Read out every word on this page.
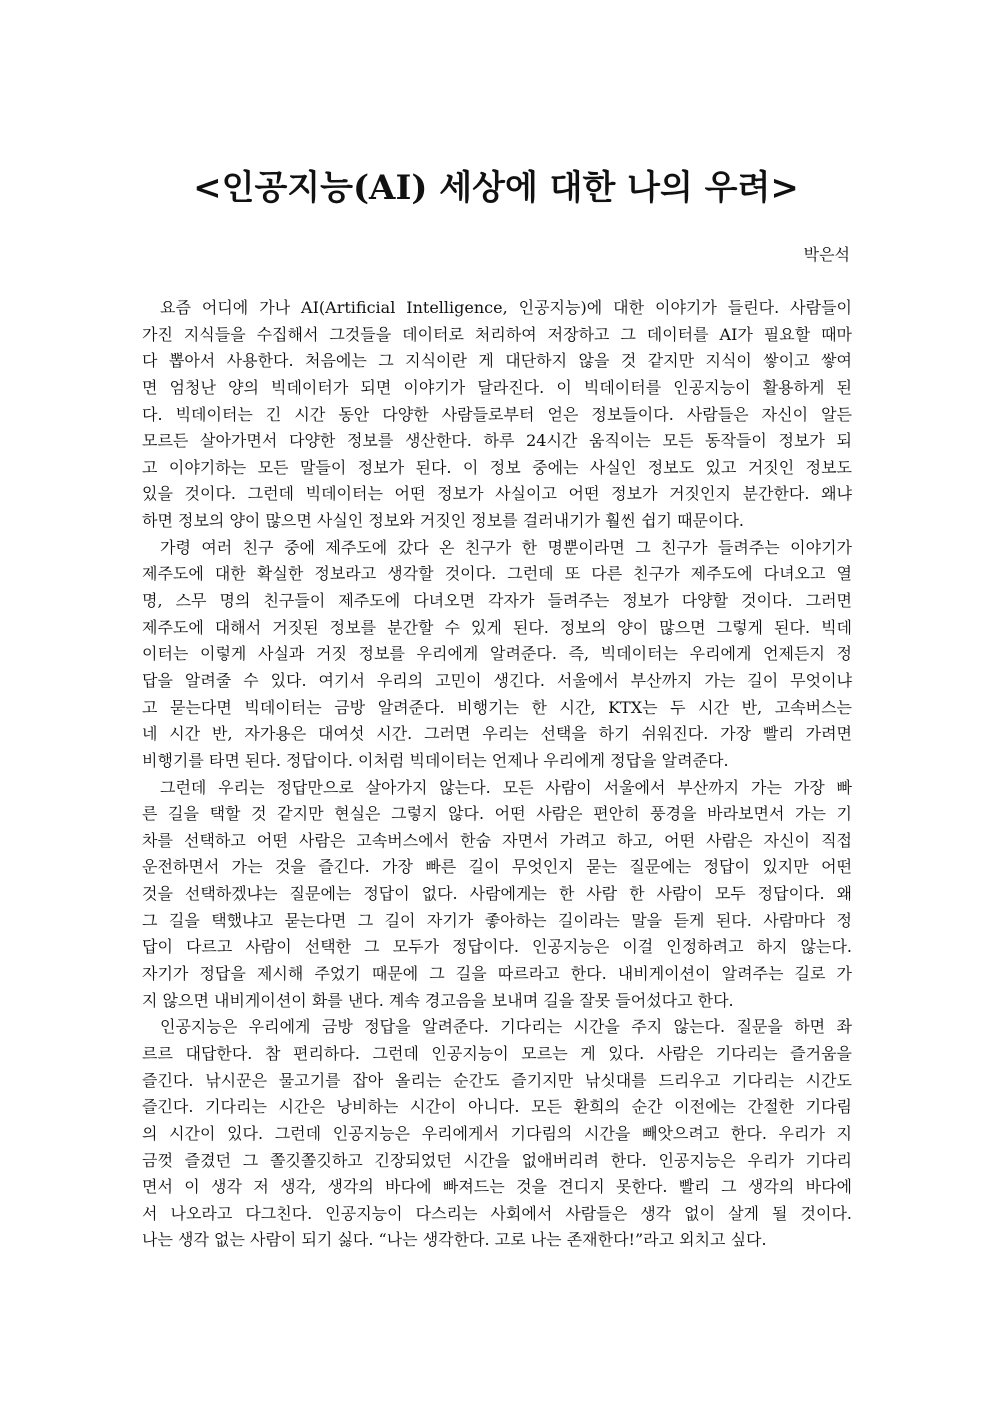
<인공지능(AI) 세상에 대한 나의 우려>
박은석
요즘 어디에 가나 AI(Artificial Intelligence, 인공지능)에 대한 이야기가 들린다. 사람들이
가진 지식들을 수집해서 그것들을 데이터로 처리하여 저장하고 그 데이터를 AI가 필요할 때마
다 뽑아서 사용한다. 처음에는 그 지식이란 게 대단하지 않을 것 같지만 지식이 쌓이고 쌓여
면 엄청난 양의 빅데이터가 되면 이야기가 달라진다. 이 빅데이터를 인공지능이 활용하게 된
다. 빅데이터는 긴 시간 동안 다양한 사람들로부터 얻은 정보들이다. 사람들은 자신이 알든
모르든 살아가면서 다양한 정보를 생산한다. 하루 24시간 움직이는 모든 동작들이 정보가 되
고 이야기하는 모든 말들이 정보가 된다. 이 정보 중에는 사실인 정보도 있고 거짓인 정보도
있을 것이다. 그런데 빅데이터는 어떤 정보가 사실이고 어떤 정보가 거짓인지 분간한다. 왜냐
하면 정보의 양이 많으면 사실인 정보와 거짓인 정보를 걸러내기가 훨씬 쉽기 때문이다.
가령 여러 친구 중에 제주도에 갔다 온 친구가 한 명뿐이라면 그 친구가 들려주는 이야기가
제주도에 대한 확실한 정보라고 생각할 것이다. 그런데 또 다른 친구가 제주도에 다녀오고 열
명, 스무 명의 친구들이 제주도에 다녀오면 각자가 들려주는 정보가 다양할 것이다. 그러면
제주도에 대해서 거짓된 정보를 분간할 수 있게 된다. 정보의 양이 많으면 그렇게 된다. 빅데
이터는 이렇게 사실과 거짓 정보를 우리에게 알려준다. 즉, 빅데이터는 우리에게 언제든지 정
답을 알려줄 수 있다. 여기서 우리의 고민이 생긴다. 서울에서 부산까지 가는 길이 무엇이냐
고 묻는다면 빅데이터는 금방 알려준다. 비행기는 한 시간, KTX는 두 시간 반, 고속버스는
네 시간 반, 자가용은 대여섯 시간. 그러면 우리는 선택을 하기 쉬워진다. 가장 빨리 가려면
비행기를 타면 된다. 정답이다. 이처럼 빅데이터는 언제나 우리에게 정답을 알려준다.
그런데 우리는 정답만으로 살아가지 않는다. 모든 사람이 서울에서 부산까지 가는 가장 빠
른 길을 택할 것 같지만 현실은 그렇지 않다. 어떤 사람은 편안히 풍경을 바라보면서 가는 기
차를 선택하고 어떤 사람은 고속버스에서 한숨 자면서 가려고 하고, 어떤 사람은 자신이 직접
운전하면서 가는 것을 즐긴다. 가장 빠른 길이 무엇인지 묻는 질문에는 정답이 있지만 어떤
것을 선택하겠냐는 질문에는 정답이 없다. 사람에게는 한 사람 한 사람이 모두 정답이다. 왜
그 길을 택했냐고 묻는다면 그 길이 자기가 좋아하는 길이라는 말을 듣게 된다. 사람마다 정
답이 다르고 사람이 선택한 그 모두가 정답이다. 인공지능은 이걸 인정하려고 하지 않는다.
자기가 정답을 제시해 주었기 때문에 그 길을 따르라고 한다. 내비게이션이 알려주는 길로 가
지 않으면 내비게이션이 화를 낸다. 계속 경고음을 보내며 길을 잘못 들어섰다고 한다.
인공지능은 우리에게 금방 정답을 알려준다. 기다리는 시간을 주지 않는다. 질문을 하면 좌
르르 대답한다. 참 편리하다. 그런데 인공지능이 모르는 게 있다. 사람은 기다리는 즐거움을
즐긴다. 낚시꾼은 물고기를 잡아 올리는 순간도 즐기지만 낚싯대를 드리우고 기다리는 시간도
즐긴다. 기다리는 시간은 낭비하는 시간이 아니다. 모든 환희의 순간 이전에는 간절한 기다림
의 시간이 있다. 그런데 인공지능은 우리에게서 기다림의 시간을 빼앗으려고 한다. 우리가 지
금껏 즐겼던 그 쫄깃쫄깃하고 긴장되었던 시간을 없애버리려 한다. 인공지능은 우리가 기다리
면서 이 생각 저 생각, 생각의 바다에 빠져드는 것을 견디지 못한다. 빨리 그 생각의 바다에
서 나오라고 다그친다. 인공지능이 다스리는 사회에서 사람들은 생각 없이 살게 될 것이다.
나는 생각 없는 사람이 되기 싫다. “나는 생각한다. 고로 나는 존재한다!”라고 외치고 싶다.
